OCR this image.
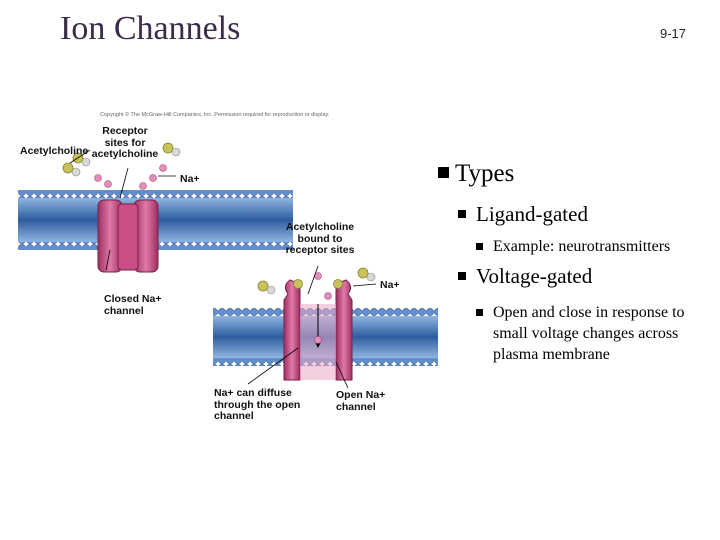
Ion Channels	9-17
Copyright © The McGraw-Hill Companies, Inc. Permission required for reproduction or display.
Acetylcholine
Receptor sites for acetylcholine
Na+
Acetylcholine bound to receptor sites
Na+
Closed Na+ channel
Na+ can diffuse through the open channel
Open Na+ channel
Types
Ligand-gated
Example: neurotransmitters
Voltage-gated
Open and close in response to small voltage changes across plasma membrane
